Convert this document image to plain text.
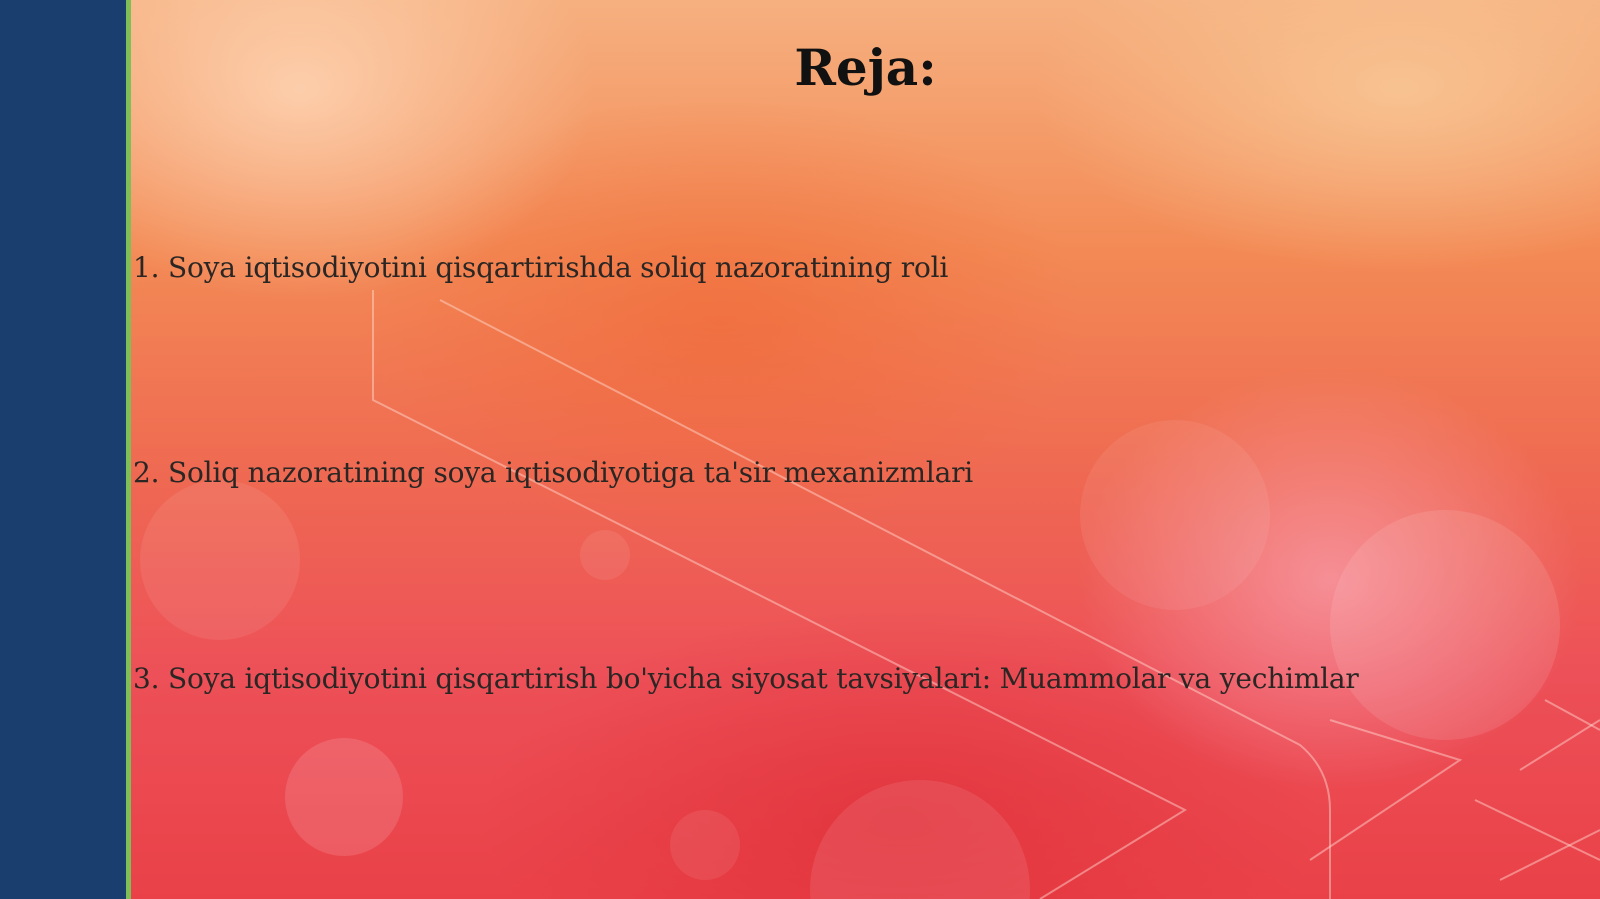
Reja:
1. Soya iqtisodiyotini qisqartirishda soliq nazoratining roli
2. Soliq nazoratining soya iqtisodiyotiga ta'sir mexanizmlari
3. Soya iqtisodiyotini qisqartirish bo'yicha siyosat tavsiyalari: Muammolar va yechimlar
